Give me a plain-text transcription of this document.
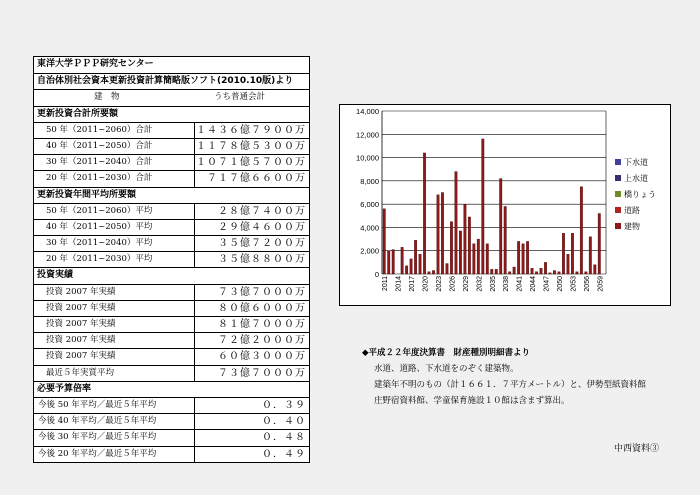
東洋大学ＰＰＰ研究センター
自治体別社会資本更新投資計算簡略版ソフト(2010.10版)より
建　物	うち普通会計
更新投資合計所要額
50 年（2011~2060）合計	１４３６億７９００万
40 年（2011~2050）合計	１１７８億５３００万
30 年（2011~2040）合計	１０７１億５７００万
20 年（2011~2030）合計	７１７億６６００万
更新投資年間平均所要額
50 年（2011~2060）平均	２８億７４００万
40 年（2011~2050）平均	２９億４６００万
30 年（2011~2040）平均	３５億７２００万
20 年（2011~2030）平均	３５億８８００万
投資実績
投資 2007 年実績	７３億７０００万
投資 2007 年実績	８０億６０００万
投資 2007 年実績	８１億７０００万
投資 2007 年実績	７２億２０００万
投資 2007 年実績	６０億３０００万
最近５年実質平均	７３億７０００万
必要予算倍率
今後 50 年平均／最近５年平均	０．３９
今後 40 年平均／最近５年平均	０．４０
今後 30 年平均／最近５年平均	０．４８
今後 20 年平均／最近５年平均	０．４９
0
2,000
4,000
6,000
8,000
10,000
12,000
14,000
2011 2014 2017 2020 2023 2026 2029 2032 2035 2038 2041 2044 2047 2050 2053 2056 2059
下水道
上水道
橋りょう
道路
建物
◆平成２２年度決算書　財産種別明細書より
水道、道路、下水道をのぞく建築物。
建築年不明のもの（計１６６１．７平方メートル）と、伊勢型紙資料館
庄野宿資料館、学童保育施設１０館は含まず算出。
中西資料③
